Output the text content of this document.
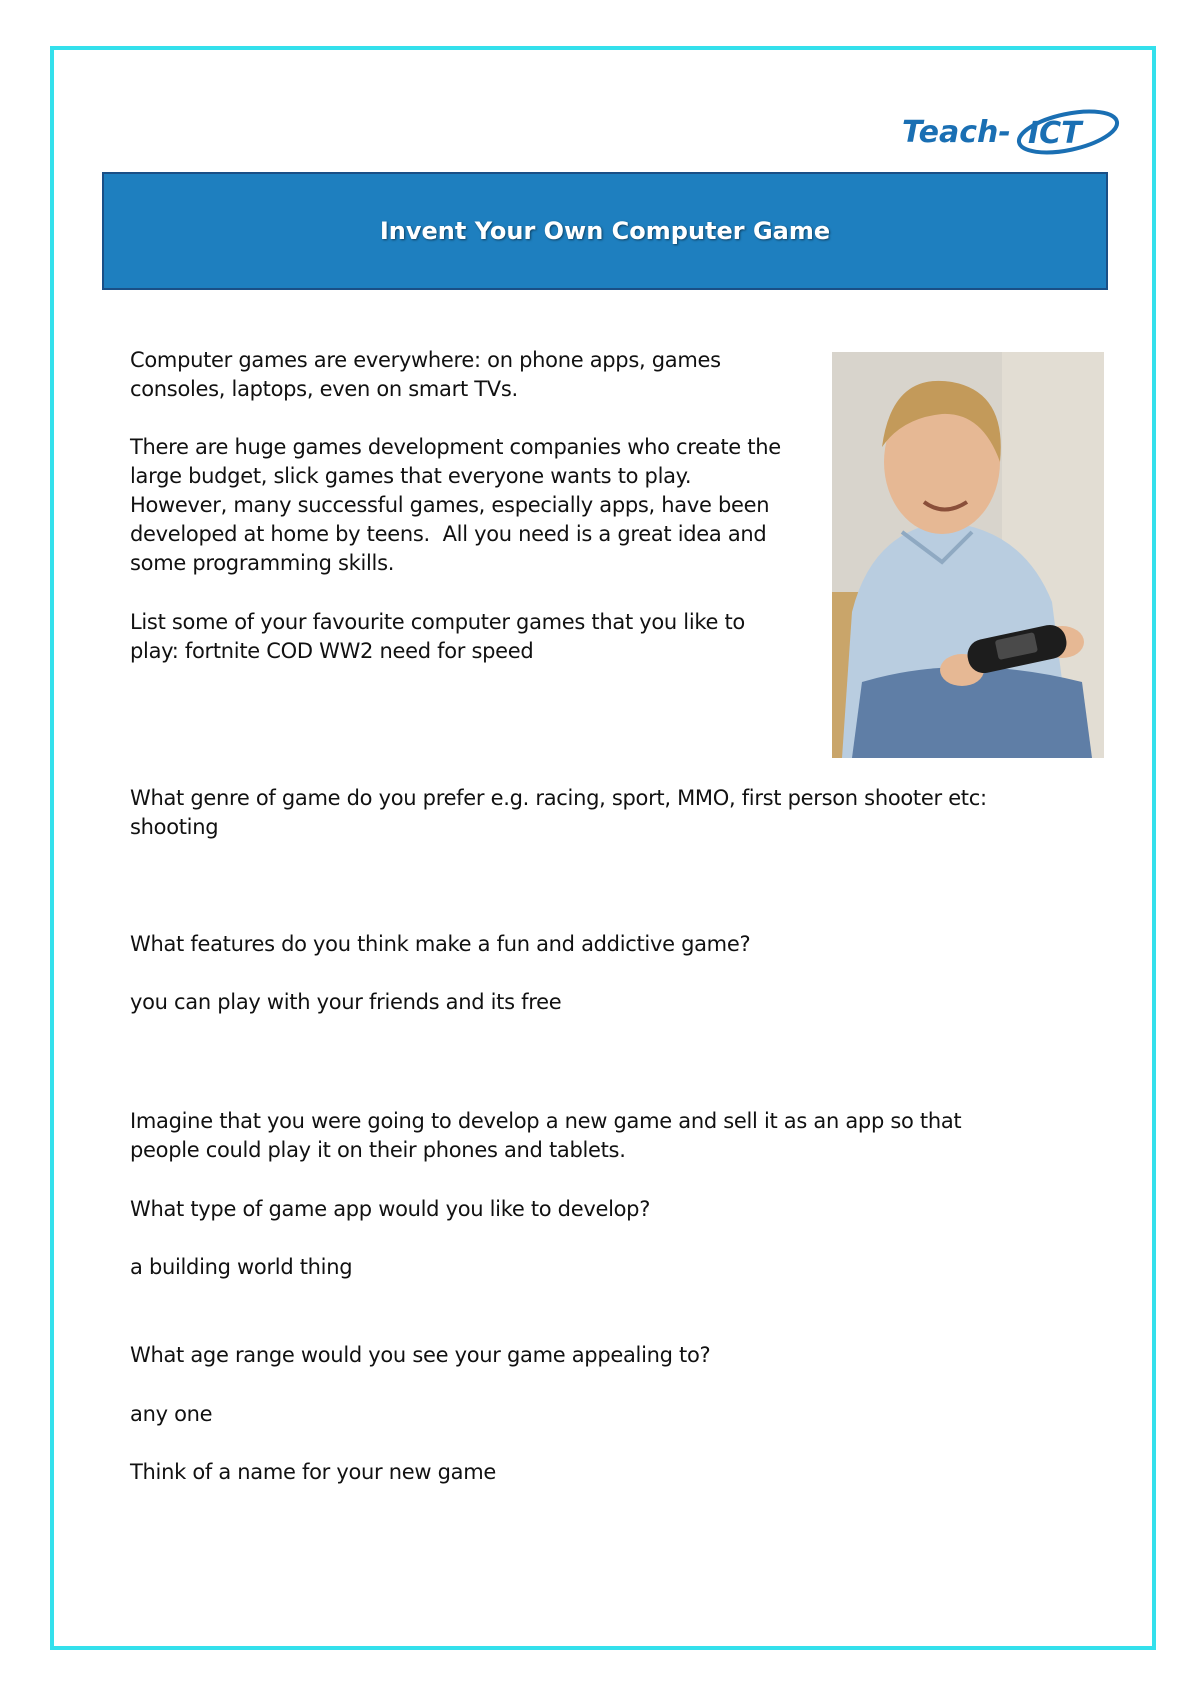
Teach- ICT
Invent Your Own Computer Game

Computer games are everywhere: on phone apps, games
consoles, laptops, even on smart TVs.

There are huge games development companies who create the
large budget, slick games that everyone wants to play.
However, many successful games, especially apps, have been
developed at home by teens.  All you need is a great idea and
some programming skills.

List some of your favourite computer games that you like to
play: fortnite COD WW2 need for speed

What genre of game do you prefer e.g. racing, sport, MMO, first person shooter etc:
shooting

What features do you think make a fun and addictive game?

you can play with your friends and its free

Imagine that you were going to develop a new game and sell it as an app so that
people could play it on their phones and tablets.

What type of game app would you like to develop?

a building world thing

What age range would you see your game appealing to?

any one

Think of a name for your new game
